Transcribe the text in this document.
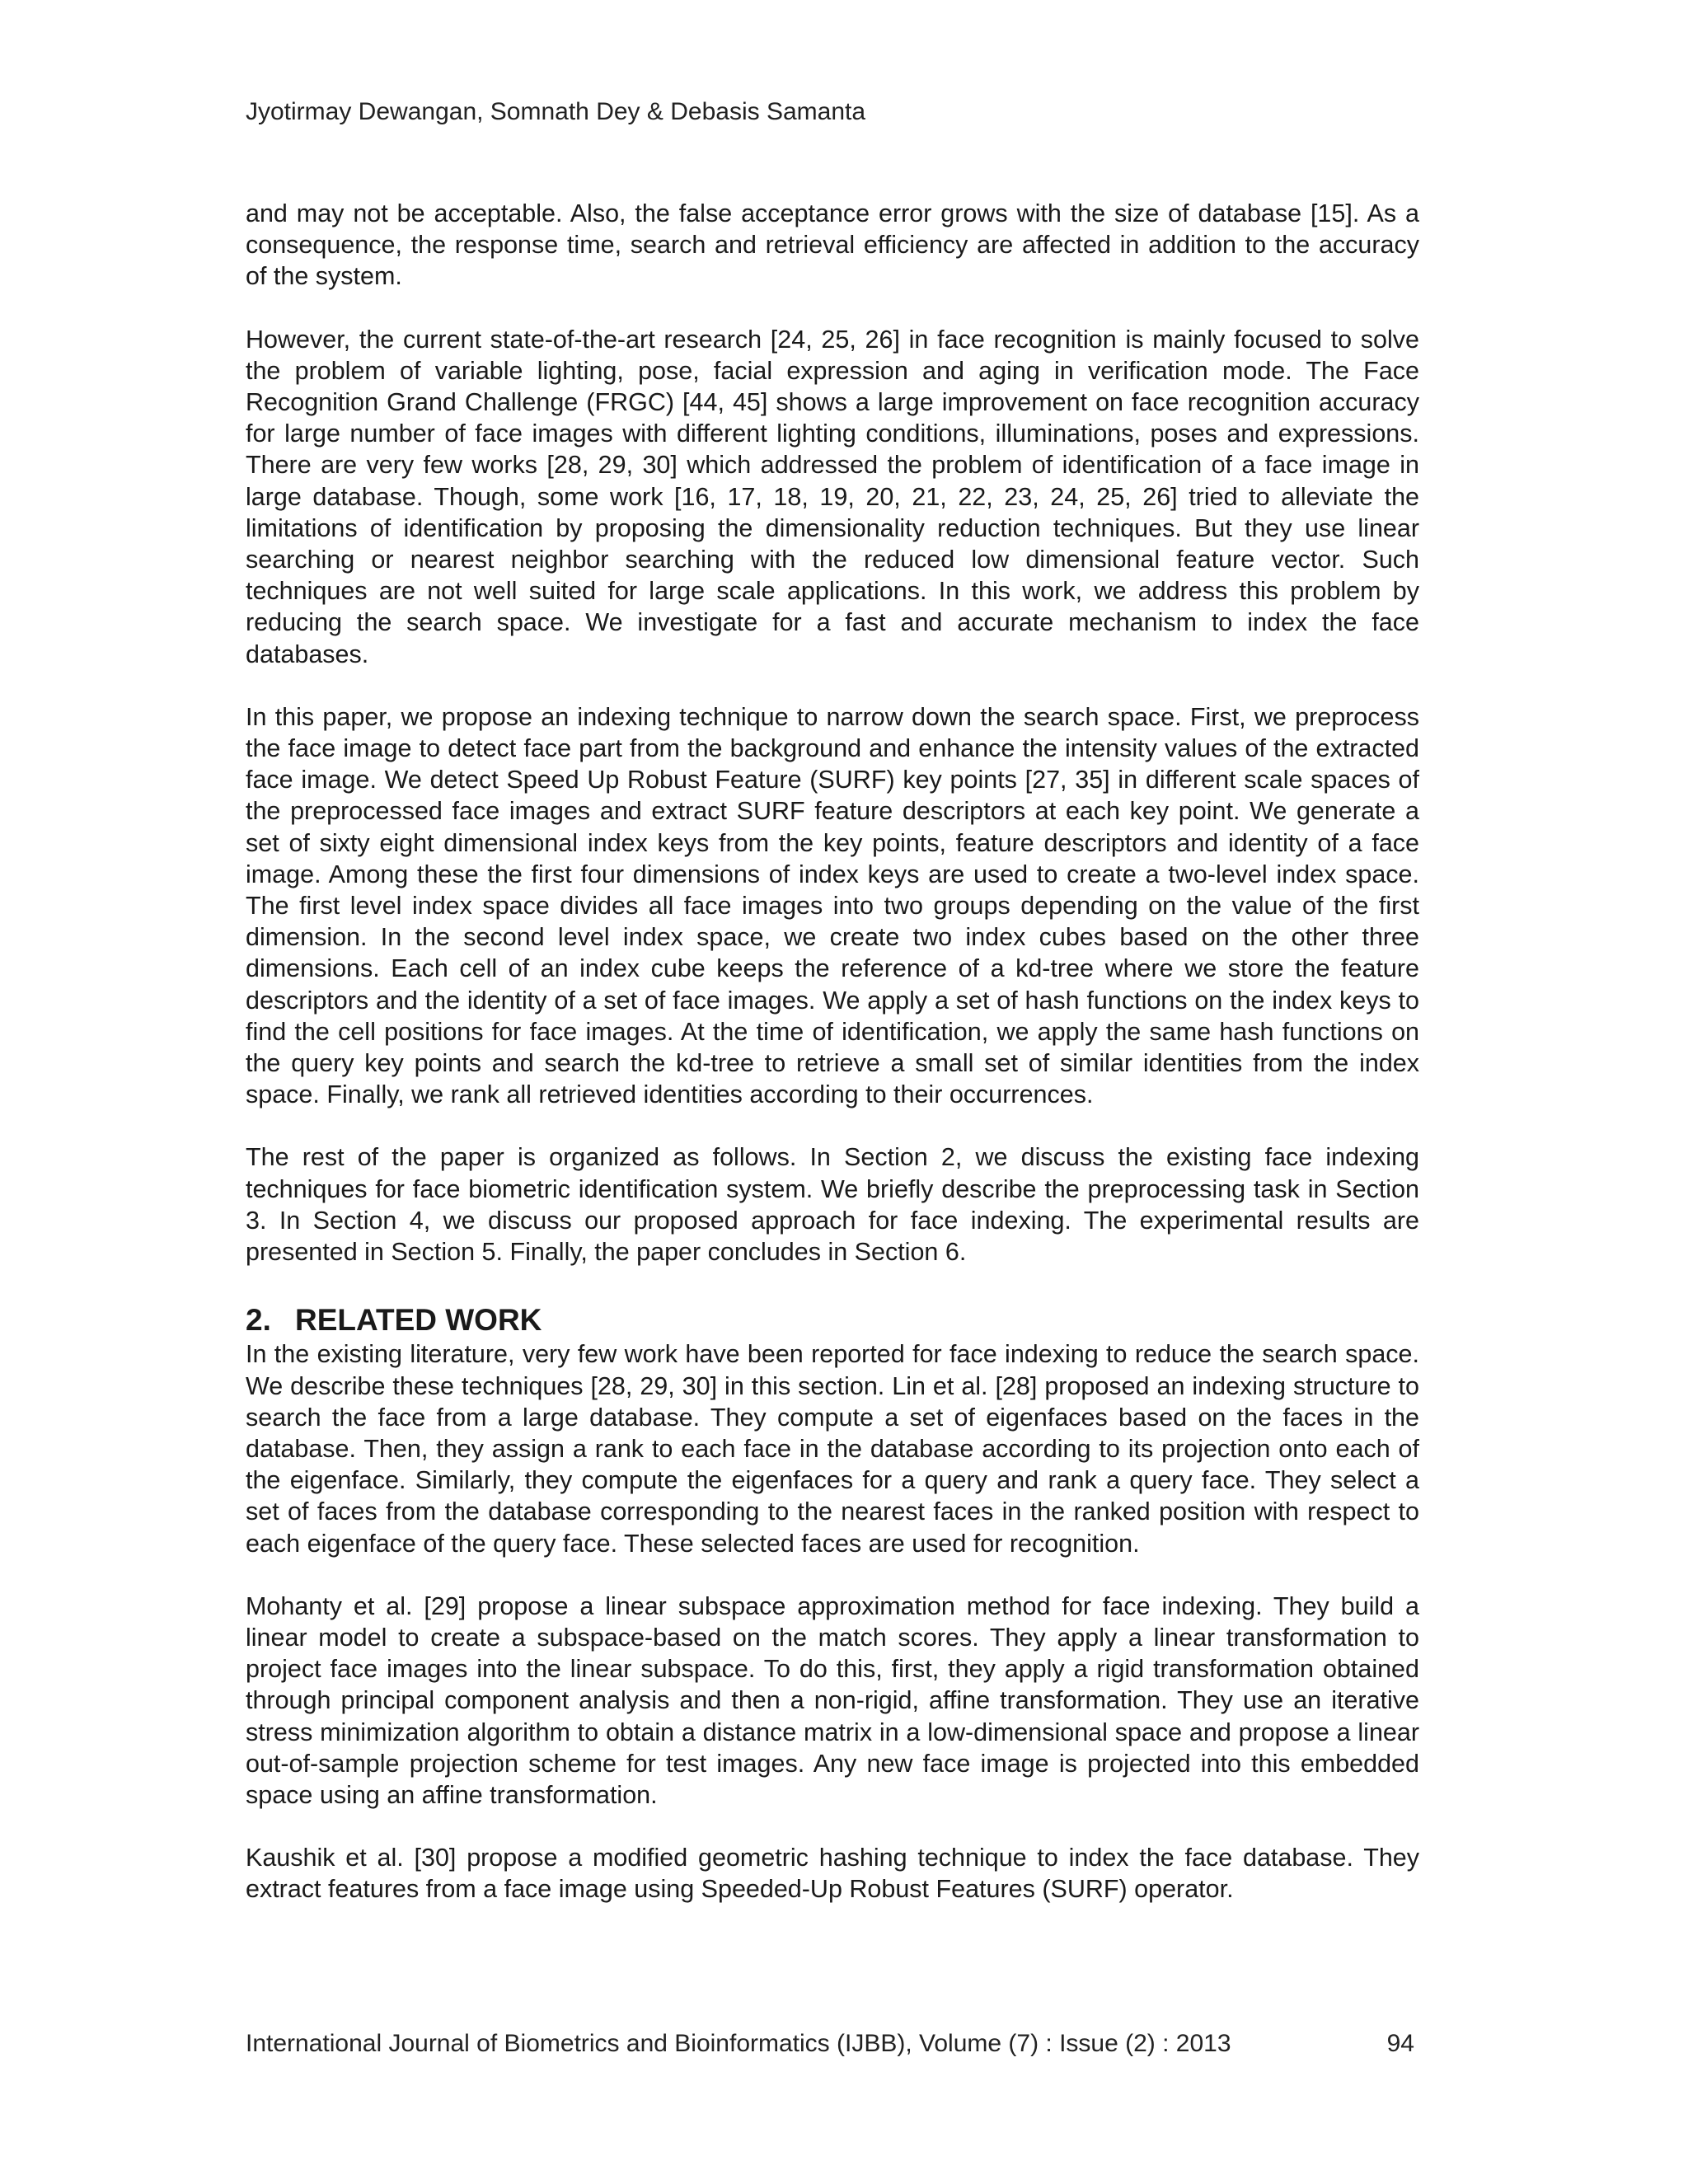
Jyotirmay Dewangan, Somnath Dey & Debasis Samanta

and may not be acceptable. Also, the false acceptance error grows with the size of database [15]. As a consequence, the response time, search and retrieval efficiency are affected in addition to the accuracy of the system.

However, the current state-of-the-art research [24, 25, 26] in face recognition is mainly focused to solve the problem of variable lighting, pose, facial expression and aging in verification mode. The Face Recognition Grand Challenge (FRGC) [44, 45] shows a large improvement on face recognition accuracy for large number of face images with different lighting conditions, illuminations, poses and expressions. There are very few works [28, 29, 30] which addressed the problem of identification of a face image in large database. Though, some work [16, 17, 18, 19, 20, 21, 22, 23, 24, 25, 26] tried to alleviate the limitations of identification by proposing the dimensionality reduction techniques. But they use linear searching or nearest neighbor searching with the reduced low dimensional feature vector. Such techniques are not well suited for large scale applications. In this work, we address this problem by reducing the search space. We investigate for a fast and accurate mechanism to index the face databases.

In this paper, we propose an indexing technique to narrow down the search space. First, we preprocess the face image to detect face part from the background and enhance the intensity values of the extracted face image. We detect Speed Up Robust Feature (SURF) key points [27, 35] in different scale spaces of the preprocessed face images and extract SURF feature descriptors at each key point. We generate a set of sixty eight dimensional index keys from the key points, feature descriptors and identity of a face image. Among these the first four dimensions of index keys are used to create a two-level index space. The first level index space divides all face images into two groups depending on the value of the first dimension. In the second level index space, we create two index cubes based on the other three dimensions. Each cell of an index cube keeps the reference of a kd-tree where we store the feature descriptors and the identity of a set of face images. We apply a set of hash functions on the index keys to find the cell positions for face images. At the time of identification, we apply the same hash functions on the query key points and search the kd-tree to retrieve a small set of similar identities from the index space. Finally, we rank all retrieved identities according to their occurrences.

The rest of the paper is organized as follows. In Section 2, we discuss the existing face indexing techniques for face biometric identification system. We briefly describe the preprocessing task in Section 3. In Section 4, we discuss our proposed approach for face indexing. The experimental results are presented in Section 5. Finally, the paper concludes in Section 6.

2. RELATED WORK

In the existing literature, very few work have been reported for face indexing to reduce the search space. We describe these techniques [28, 29, 30] in this section. Lin et al. [28] proposed an indexing structure to search the face from a large database. They compute a set of eigenfaces based on the faces in the database. Then, they assign a rank to each face in the database according to its projection onto each of the eigenface. Similarly, they compute the eigenfaces for a query and rank a query face. They select a set of faces from the database corresponding to the nearest faces in the ranked position with respect to each eigenface of the query face. These selected faces are used for recognition.

Mohanty et al. [29] propose a linear subspace approximation method for face indexing. They build a linear model to create a subspace-based on the match scores. They apply a linear transformation to project face images into the linear subspace. To do this, first, they apply a rigid transformation obtained through principal component analysis and then a non-rigid, affine transformation. They use an iterative stress minimization algorithm to obtain a distance matrix in a low-dimensional space and propose a linear out-of-sample projection scheme for test images. Any new face image is projected into this embedded space using an affine transformation.

Kaushik et al. [30] propose a modified geometric hashing technique to index the face database. They extract features from a face image using Speeded-Up Robust Features (SURF) operator.

International Journal of Biometrics and Bioinformatics (IJBB), Volume (7) : Issue (2) : 2013	94
